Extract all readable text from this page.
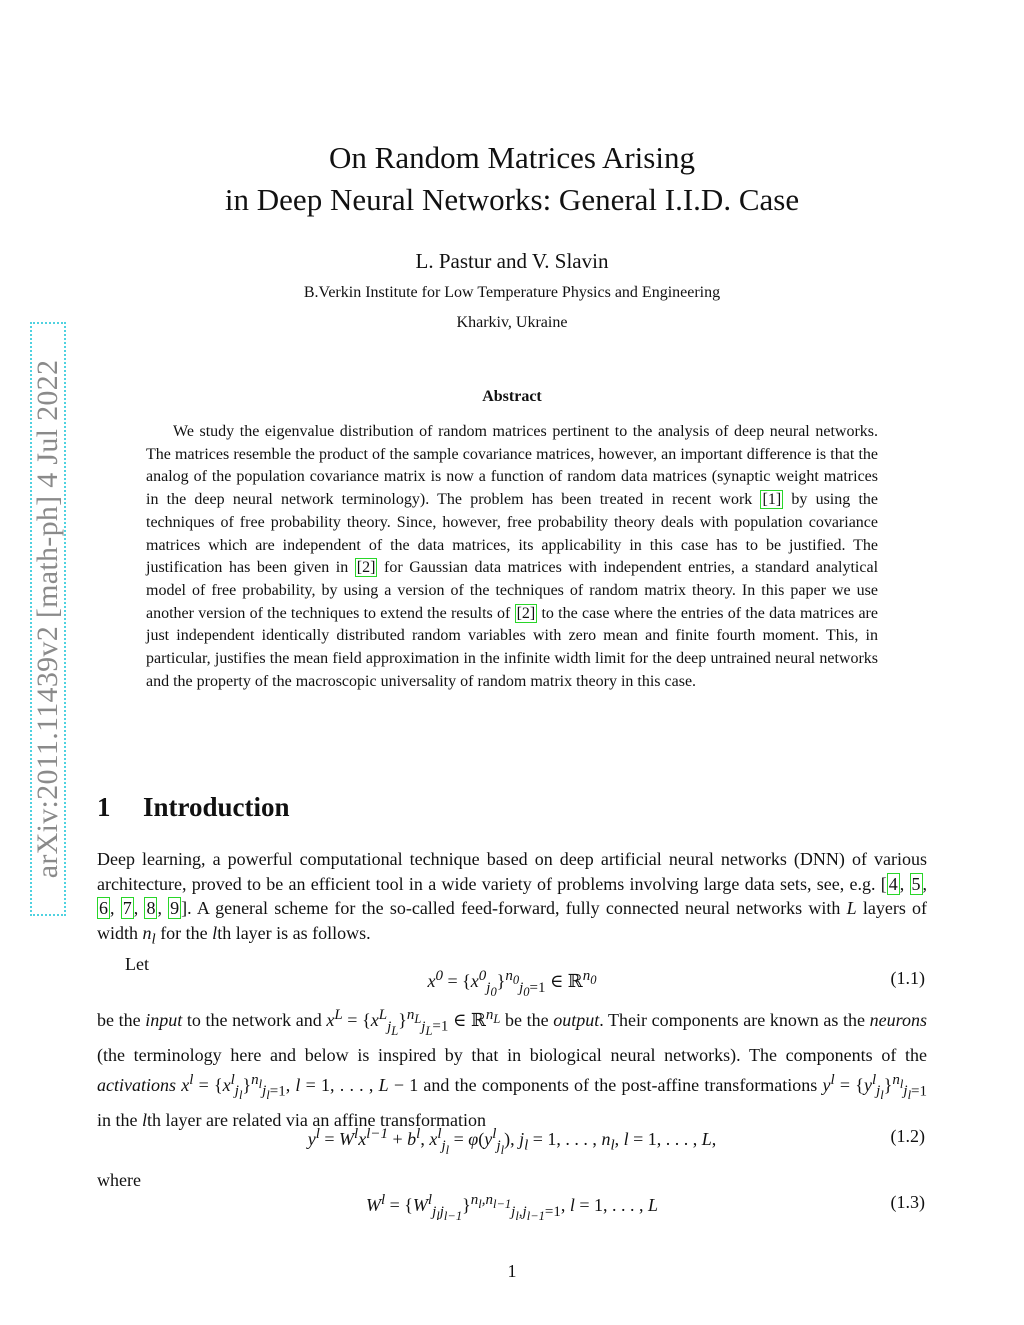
arXiv:2011.11439v2 [math-ph] 4 Jul 2022
On Random Matrices Arising
in Deep Neural Networks: General I.I.D. Case
L. Pastur and V. Slavin
B.Verkin Institute for Low Temperature Physics and Engineering
Kharkiv, Ukraine
Abstract

We study the eigenvalue distribution of random matrices pertinent to the analysis of deep neural networks. The matrices resemble the product of the sample covariance matrices, however, an important difference is that the analog of the population covariance matrix is now a function of random data matrices (synaptic weight matrices in the deep neural network terminology). The problem has been treated in recent work [1] by using the techniques of free probability theory. Since, however, free probability theory deals with population covariance matrices which are independent of the data matrices, its applicability in this case has to be justified. The justification has been given in [2] for Gaussian data matrices with independent entries, a standard analytical model of free probability, by using a version of the techniques of random matrix theory. In this paper we use another version of the techniques to extend the results of [2] to the case where the entries of the data matrices are just independent identically distributed random variables with zero mean and finite fourth moment. This, in particular, justifies the mean field approximation in the infinite width limit for the deep untrained neural networks and the property of the macroscopic universality of random matrix theory in this case.

1 Introduction

Deep learning, a powerful computational technique based on deep artificial neural networks (DNN) of various architecture, proved to be an efficient tool in a wide variety of problems involving large data sets, see, e.g. [ 4 , 5 , 6 , 7 , 8 , 9 ]. A general scheme for the so-called feed-forward, fully connected neural networks with L layers of width $n_l$ for the lth layer is as follows.

Let

$x^0 = \{x^0_{j_0}\}^{n_0}_{j_0=1}$ ∈ ℝ$^{n_0}$	(1.1)

be the input to the network and $x^L = \{x^L_{j_L}\}^{n_L}_{j_L=1}$ ∈ ℝ$^{n_L}$ be the output. Their components are known as the neurons (the terminology here and below is inspired by that in biological neural networks). The components of the activations $x^l = \{x^l_{j_l}\}^{n_l}_{j_l=1}$, l = 1, . . . , L − 1 and the components of the post-affine transformations $y^l = \{y^l_{j_l}\}^{n_l}_{j_l=1}$ in the lth layer are related via an affine transformation

$y^l = W^lx^{l-1} + b^l$, $x^l_{j_l} = \varphi(y^l_{j_l})$, $j_l = 1$, . . . , $n_l$, l = 1, . . . , L,	(1.2)
where
$W^l = \{W^l_{j_lj_{l-1}}\}^{n_l,n_{l-1}}_{j_l,j_{l-1}=1}$, l = 1, . . . , L	(1.3)
1
